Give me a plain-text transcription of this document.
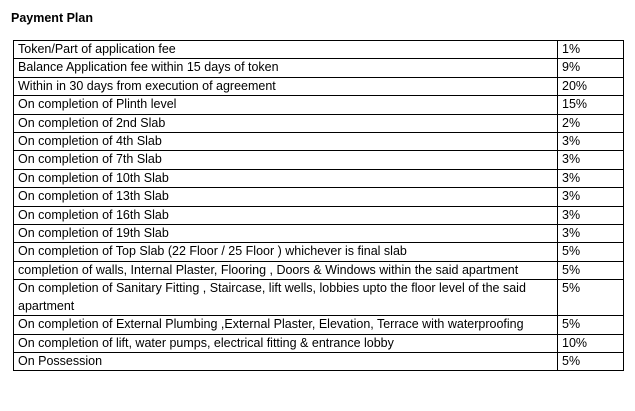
Payment Plan
Token/Part of application fee	1%
Balance Application fee within 15 days of token	9%
Within in 30 days from execution of agreement	20%
On completion of Plinth level	15%
On completion of 2nd Slab	2%
On completion of 4th Slab	3%
On completion of 7th Slab	3%
On completion of 10th Slab	3%
On completion of 13th Slab	3%
On completion of 16th Slab	3%
On completion of 19th Slab	3%
On completion of Top Slab (22 Floor / 25 Floor ) whichever is final slab	5%
completion of walls, Internal Plaster, Flooring , Doors & Windows within the said apartment	5%
On completion of Sanitary Fitting , Staircase, lift wells, lobbies upto the floor level of the said apartment	5%
On completion of External Plumbing ,External Plaster, Elevation, Terrace with waterproofing	5%
On completion of lift, water pumps, electrical fitting & entrance lobby	10%
On Possession	5%
